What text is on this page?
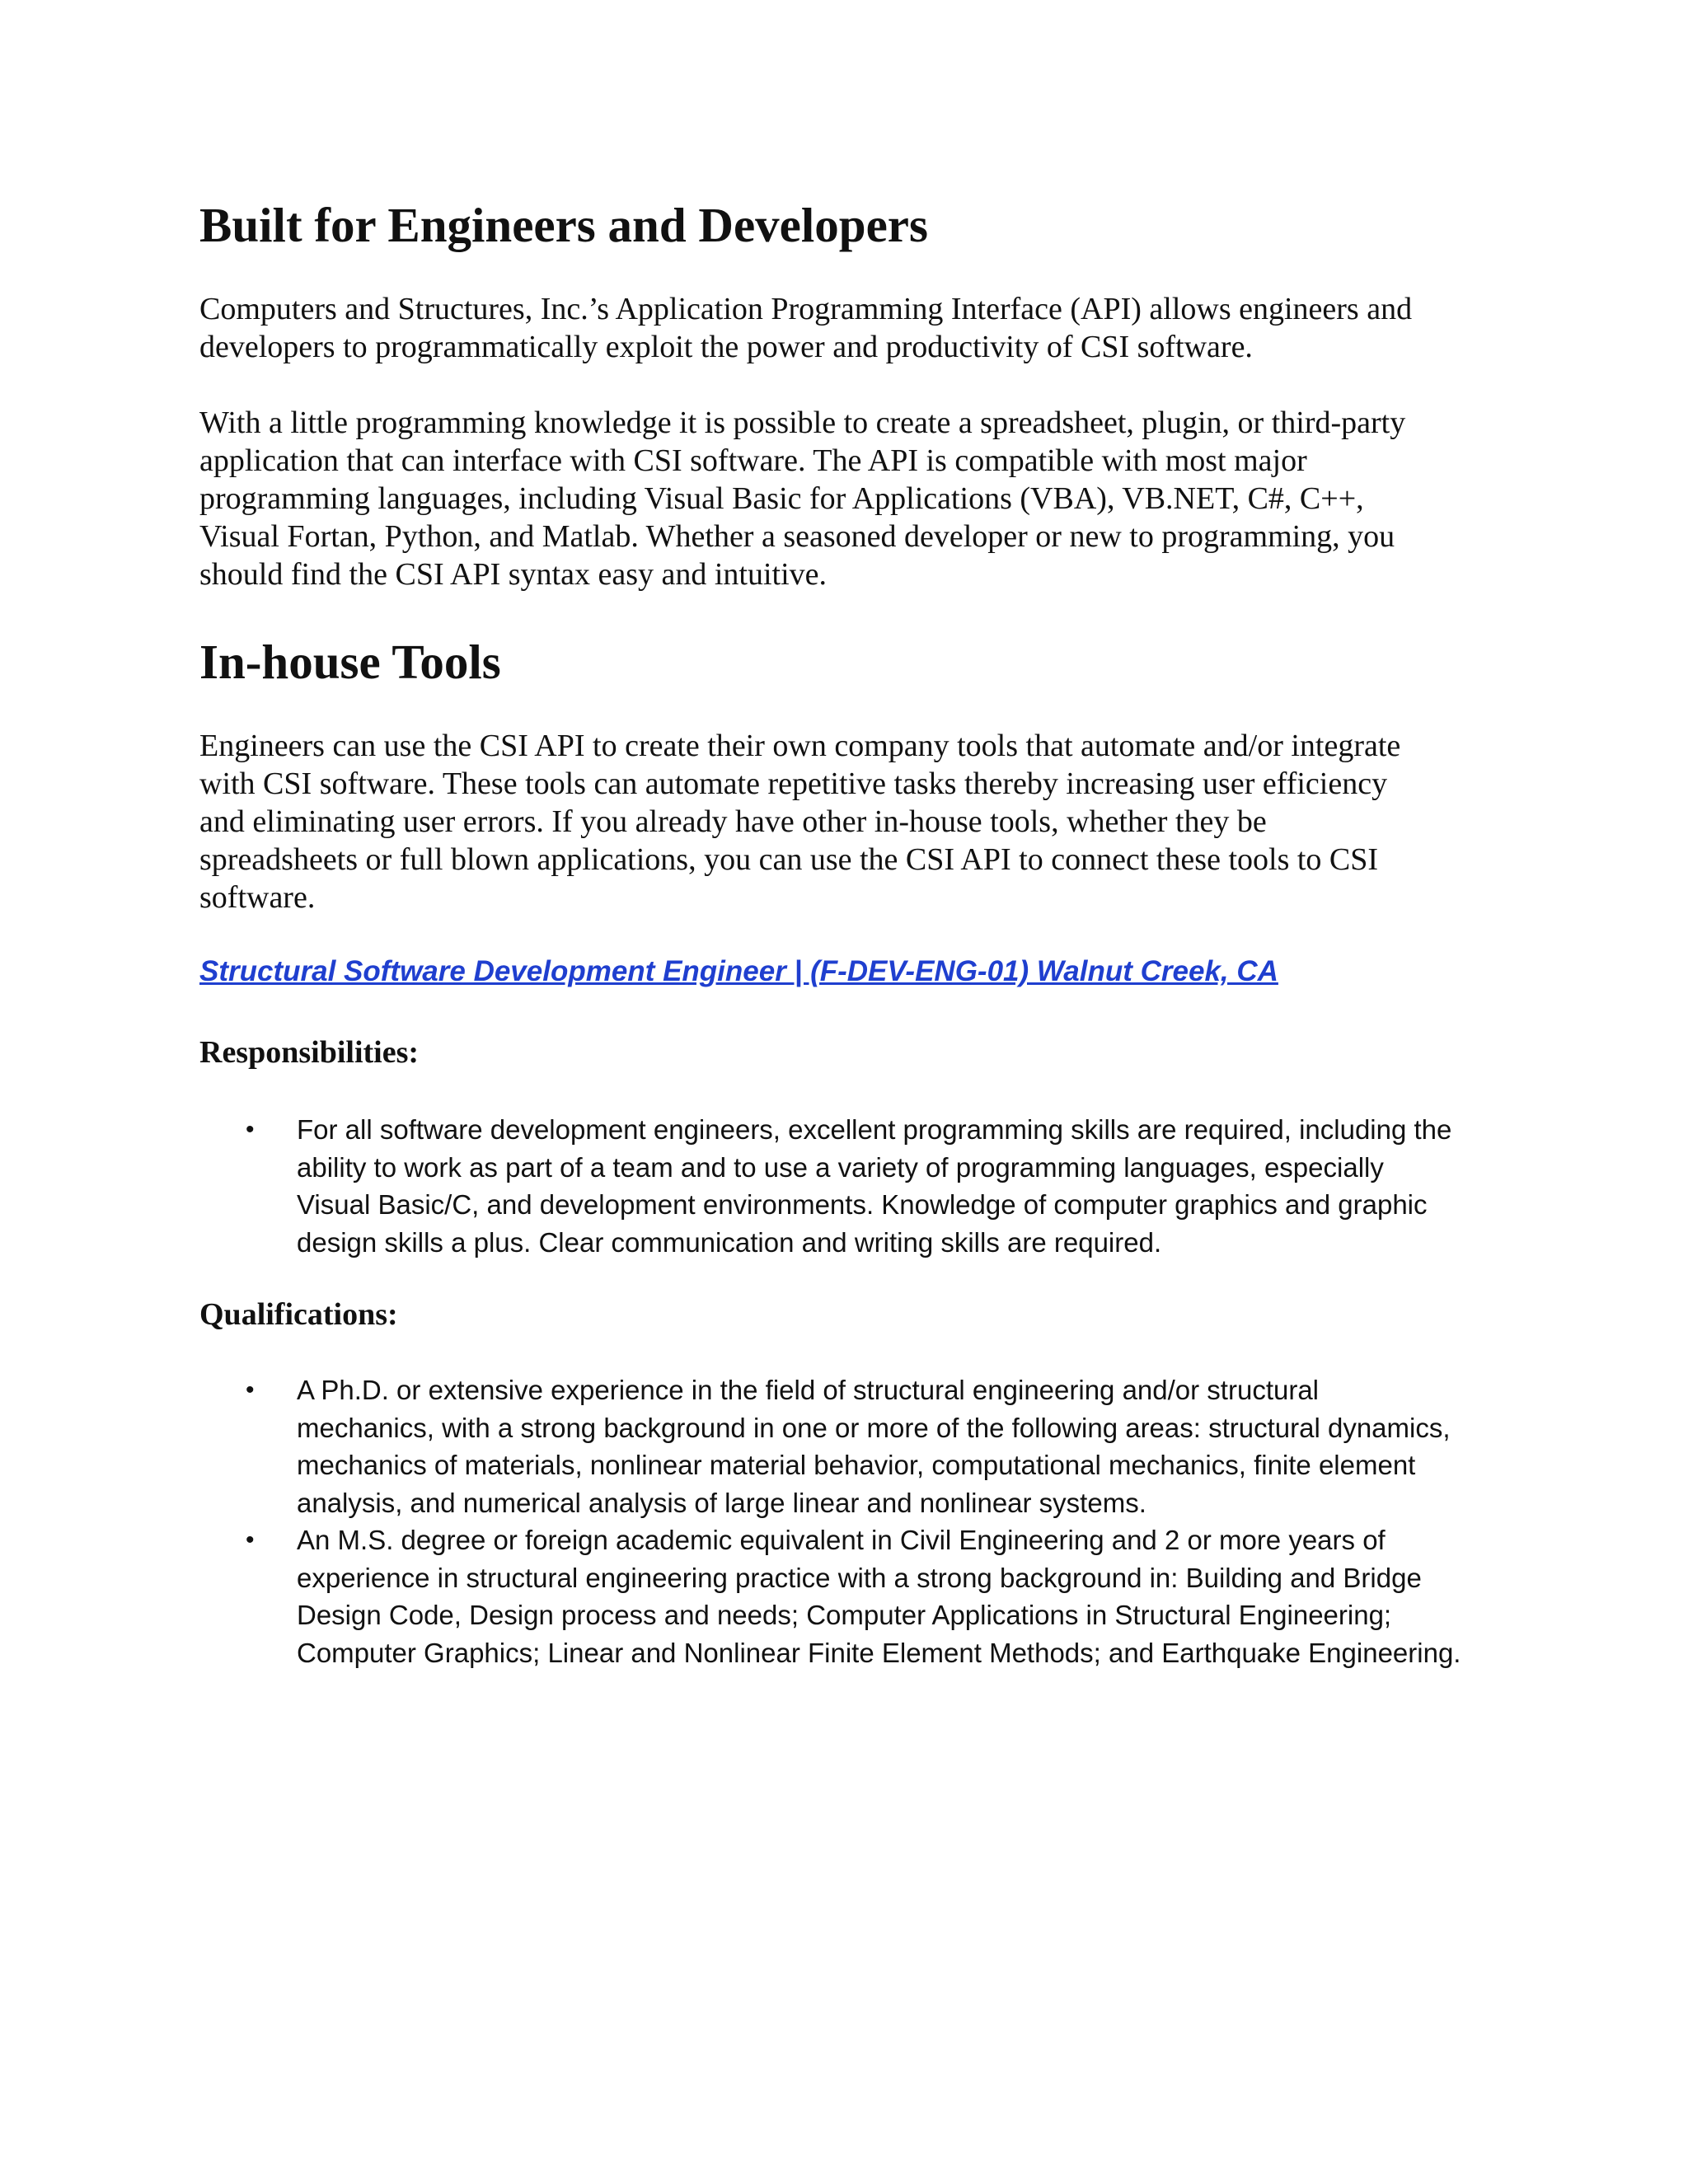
Built for Engineers and Developers

Computers and Structures, Inc.’s Application Programming Interface (API) allows engineers and
developers to programmatically exploit the power and productivity of CSI software.

With a little programming knowledge it is possible to create a spreadsheet, plugin, or third-party
application that can interface with CSI software. The API is compatible with most major
programming languages, including Visual Basic for Applications (VBA), VB.NET, C#, C++,
Visual Fortan, Python, and Matlab. Whether a seasoned developer or new to programming, you
should find the CSI API syntax easy and intuitive.

In-house Tools

Engineers can use the CSI API to create their own company tools that automate and/or integrate
with CSI software. These tools can automate repetitive tasks thereby increasing user efficiency
and eliminating user errors. If you already have other in-house tools, whether they be
spreadsheets or full blown applications, you can use the CSI API to connect these tools to CSI
software.

Structural Software Development Engineer | (F-DEV-ENG-01) Walnut Creek, CA
Responsibilities:
• For all software development engineers, excellent programming skills are required, including the
ability to work as part of a team and to use a variety of programming languages, especially
Visual Basic/C, and development environments. Knowledge of computer graphics and graphic
design skills a plus. Clear communication and writing skills are required.
Qualifications:
• A Ph.D. or extensive experience in the field of structural engineering and/or structural
mechanics, with a strong background in one or more of the following areas: structural dynamics,
mechanics of materials, nonlinear material behavior, computational mechanics, finite element
analysis, and numerical analysis of large linear and nonlinear systems.
• An M.S. degree or foreign academic equivalent in Civil Engineering and 2 or more years of
experience in structural engineering practice with a strong background in: Building and Bridge
Design Code, Design process and needs; Computer Applications in Structural Engineering;
Computer Graphics; Linear and Nonlinear Finite Element Methods; and Earthquake Engineering.
